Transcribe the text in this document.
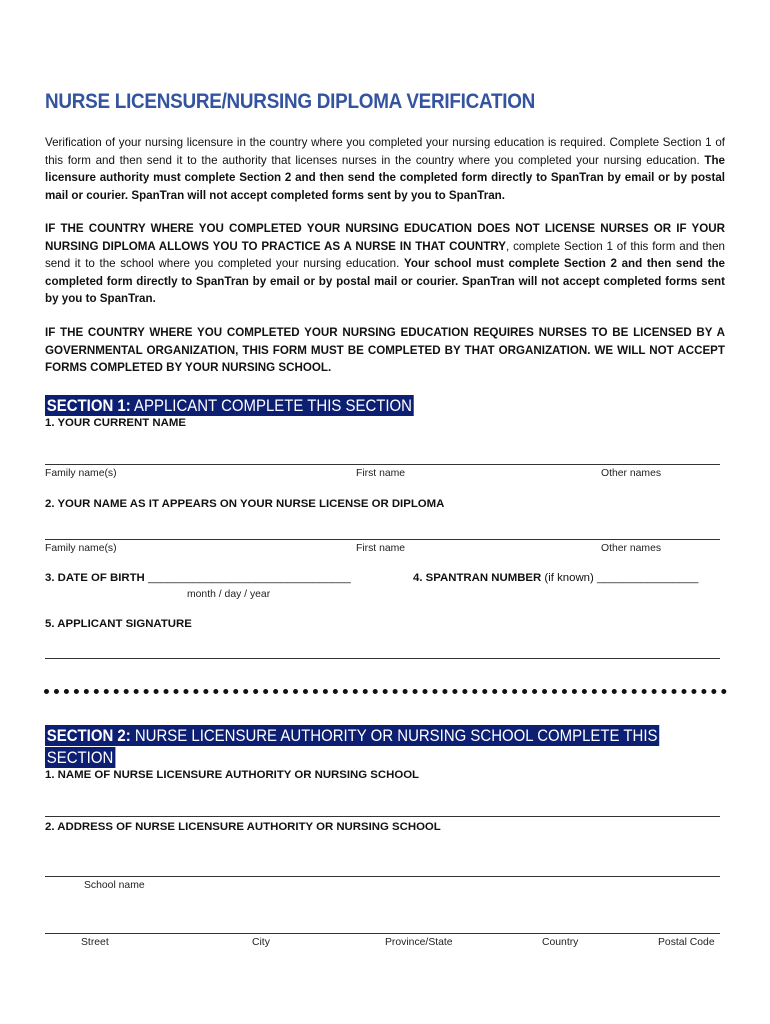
NURSE LICENSURE/NURSING DIPLOMA VERIFICATION
Verification of your nursing licensure in the country where you completed your nursing education is required. Complete Section 1 of this form and then send it to the authority that licenses nurses in the country where you completed your nursing education. The licensure authority must complete Section 2 and then send the completed form directly to SpanTran by email or by postal mail or courier. SpanTran will not accept completed forms sent by you to SpanTran.
IF THE COUNTRY WHERE YOU COMPLETED YOUR NURSING EDUCATION DOES NOT LICENSE NURSES OR IF YOUR NURSING DIPLOMA ALLOWS YOU TO PRACTICE AS A NURSE IN THAT COUNTRY, complete Section 1 of this form and then send it to the school where you completed your nursing education. Your school must complete Section 2 and then send the completed form directly to SpanTran by email or by postal mail or courier. SpanTran will not accept completed forms sent by you to SpanTran.
IF THE COUNTRY WHERE YOU COMPLETED YOUR NURSING EDUCATION REQUIRES NURSES TO BE LICENSED BY A GOVERNMENTAL ORGANIZATION, THIS FORM MUST BE COMPLETED BY THAT ORGANIZATION. WE WILL NOT ACCEPT FORMS COMPLETED BY YOUR NURSING SCHOOL.
SECTION 1: APPLICANT COMPLETE THIS SECTION
1. YOUR CURRENT NAME
Family name(s)	First name	Other names
2. YOUR NAME AS IT APPEARS ON YOUR NURSE LICENSE OR DIPLOMA
Family name(s)	First name	Other names
3. DATE OF BIRTH ________________________________
month / day / year
4. SPANTRAN NUMBER (if known) ________________
5. APPLICANT SIGNATURE
SECTION 2: NURSE LICENSURE AUTHORITY OR NURSING SCHOOL COMPLETE THIS
SECTION
1. NAME OF NURSE LICENSURE AUTHORITY OR NURSING SCHOOL
2. ADDRESS OF NURSE LICENSURE AUTHORITY OR NURSING SCHOOL
School name
Street	City	Province/State	Country	Postal Code
